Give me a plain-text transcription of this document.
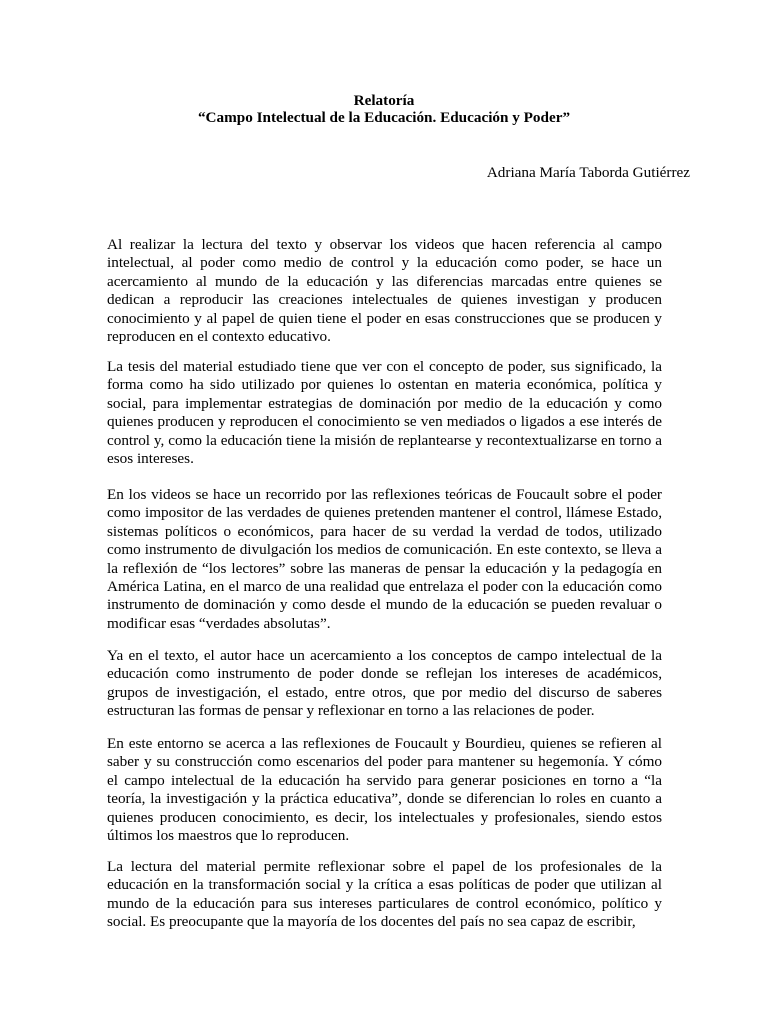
Relatoría
“Campo Intelectual de la Educación. Educación y Poder”
Adriana María Taborda Gutiérrez

Al realizar la lectura del texto y observar los videos que hacen referencia al campo intelectual, al poder como medio de control y la educación como poder, se hace un acercamiento al mundo de la educación y las diferencias marcadas entre quienes se dedican a reproducir las creaciones intelectuales de quienes investigan y producen conocimiento y al papel de quien tiene el poder en esas construcciones que se producen y reproducen en el contexto educativo.

La tesis del material estudiado tiene que ver con el concepto de poder, sus significado, la forma como ha sido utilizado por quienes lo ostentan en materia económica, política y social, para implementar estrategias de dominación por medio de la educación y como quienes producen y reproducen el conocimiento se ven mediados o ligados a ese interés de control y, como la educación tiene la misión de replantearse y recontextualizarse en torno a esos intereses.

En los videos se hace un recorrido por las reflexiones teóricas de Foucault sobre el poder como impositor de las verdades de quienes pretenden mantener el control, llámese Estado, sistemas políticos o económicos, para hacer de su verdad la verdad de todos, utilizado como instrumento de divulgación los medios de comunicación. En este contexto, se lleva a la reflexión de “los lectores” sobre las maneras de pensar la educación y la pedagogía en América Latina, en el marco de una realidad que entrelaza el poder con la educación como instrumento de dominación y como desde el mundo de la educación se pueden revaluar o modificar esas “verdades absolutas”.

Ya en el texto, el autor hace un acercamiento a los conceptos de campo intelectual de la educación como instrumento de poder donde se reflejan los intereses de académicos, grupos de investigación, el estado, entre otros, que por medio del discurso de saberes estructuran las formas de pensar y reflexionar en torno a las relaciones de poder.

En este entorno se acerca a las reflexiones de Foucault y Bourdieu, quienes se refieren al saber y su construcción como escenarios del poder para mantener su hegemonía. Y cómo el campo intelectual de la educación ha servido para generar posiciones en torno a “la teoría, la investigación y la práctica educativa”, donde se diferencian lo roles en cuanto a quienes producen conocimiento, es decir, los intelectuales y profesionales, siendo estos últimos los maestros que lo reproducen.

La lectura del material permite reflexionar sobre el papel de los profesionales de la educación en la transformación social y la crítica a esas políticas de poder que utilizan al mundo de la educación para sus intereses particulares de control económico, político y social. Es preocupante que la mayoría de los docentes del país no sea capaz de escribir,
